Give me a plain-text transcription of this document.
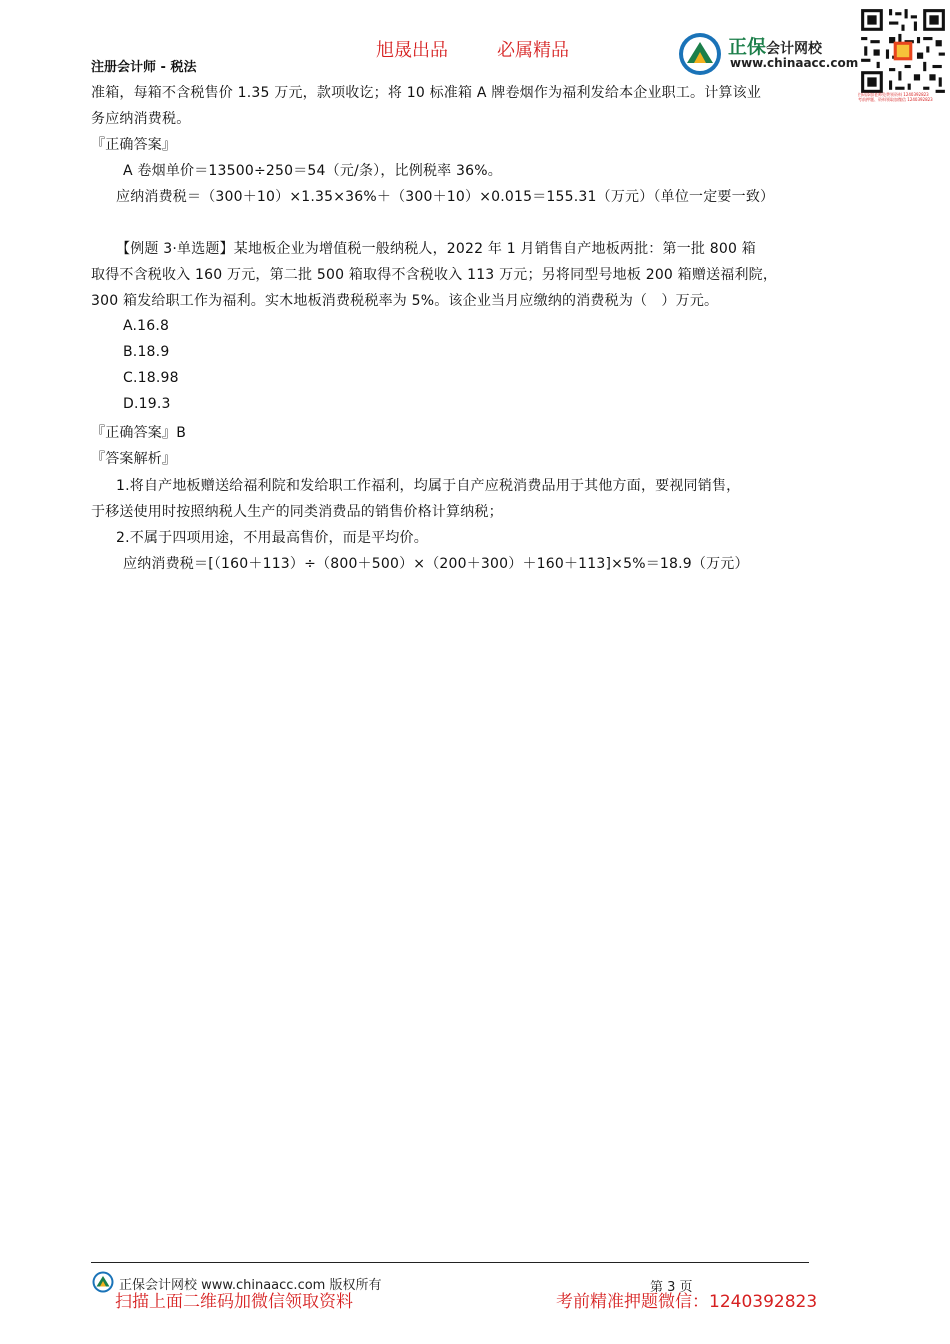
注册会计师 - 税法
旭晟出品	必属精品	正保会计网校
www.chinaacc.com
扫码添加老师免费领资料 1240392823
考前押题、资料领取加微信 1240392823
准箱，每箱不含税售价 1.35 万元，款项收讫；将 10 标准箱 A 牌卷烟作为福利发给本企业职工。计算该业
务应纳消费税。
『正确答案』
A 卷烟单价＝13500÷250＝54（元/条），比例税率 36%。
应纳消费税＝（300＋10）×1.35×36%＋（300＋10）×0.015＝155.31（万元）（单位一定要一致）
【例题 3·单选题】某地板企业为增值税一般纳税人，2022 年 1 月销售自产地板两批：第一批 800 箱
取得不含税收入 160 万元，第二批 500 箱取得不含税收入 113 万元；另将同型号地板 200 箱赠送福利院，
300 箱发给职工作为福利。实木地板消费税税率为 5%。该企业当月应缴纳的消费税为（　）万元。
A.16.8
B.18.9
C.18.98
D.19.3
『正确答案』B
『答案解析』
1.将自产地板赠送给福利院和发给职工作福利，均属于自产应税消费品用于其他方面，要视同销售，
于移送使用时按照纳税人生产的同类消费品的销售价格计算纳税；
2.不属于四项用途，不用最高售价，而是平均价。
应纳消费税＝[（160＋113）÷（800＋500）×（200＋300）＋160＋113]×5%＝18.9（万元）
正保会计网校 www.chinaacc.com 版权所有	第 3 页
扫描上面二维码加微信领取资料	考前精准押题微信：1240392823
